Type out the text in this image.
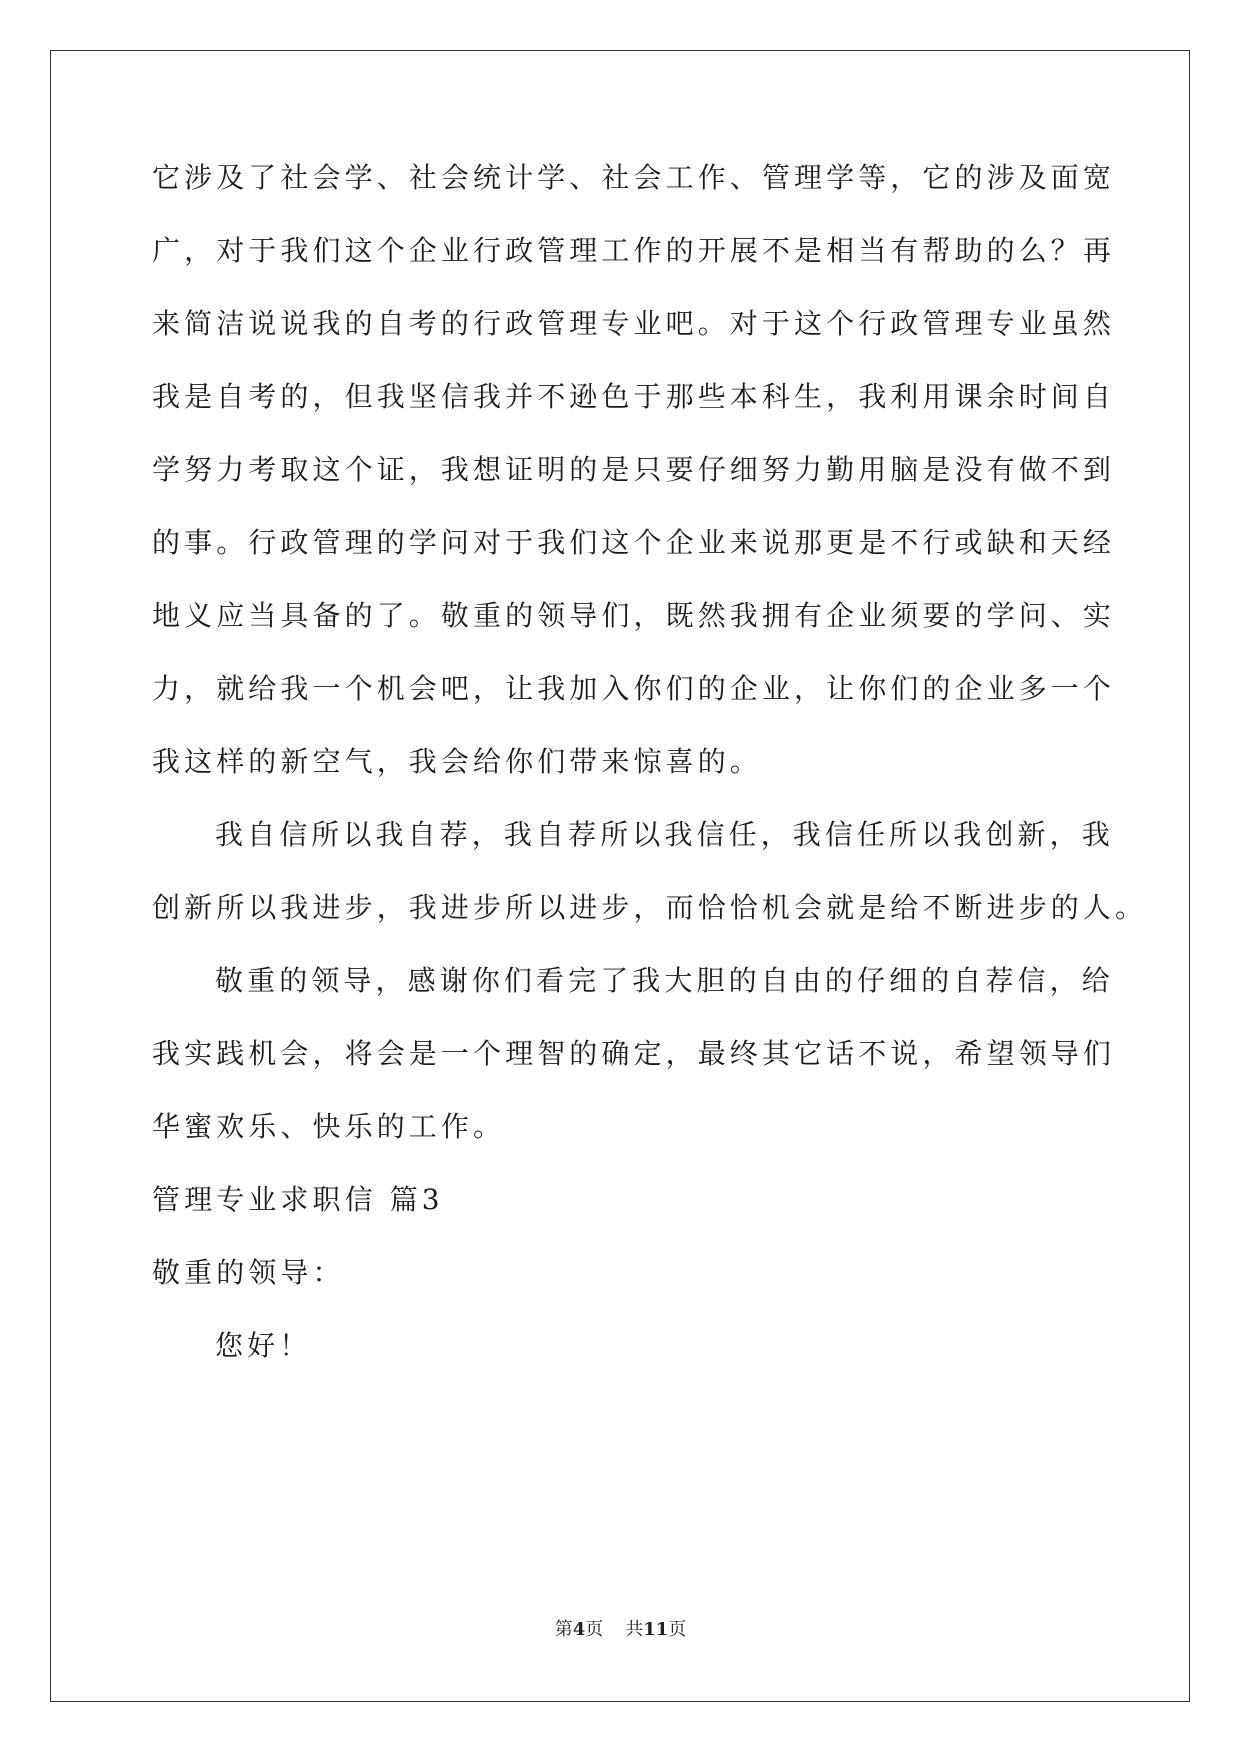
它涉及了社会学、社会统计学、社会工作、管理学等，它的涉及面宽
广，对于我们这个企业行政管理工作的开展不是相当有帮助的么？再
来简洁说说我的自考的行政管理专业吧。对于这个行政管理专业虽然
我是自考的，但我坚信我并不逊色于那些本科生，我利用课余时间自
学努力考取这个证，我想证明的是只要仔细努力勤用脑是没有做不到
的事。行政管理的学问对于我们这个企业来说那更是不行或缺和天经
地义应当具备的了。敬重的领导们，既然我拥有企业须要的学问、实
力，就给我一个机会吧，让我加入你们的企业，让你们的企业多一个
我这样的新空气，我会给你们带来惊喜的。
我自信所以我自荐，我自荐所以我信任，我信任所以我创新，我
创新所以我进步，我进步所以进步，而恰恰机会就是给不断进步的人。
敬重的领导，感谢你们看完了我大胆的自由的仔细的自荐信，给
我实践机会，将会是一个理智的确定，最终其它话不说，希望领导们
华蜜欢乐、快乐的工作。
管理专业求职信 篇3
敬重的领导：
您好！
第4页 共11页
